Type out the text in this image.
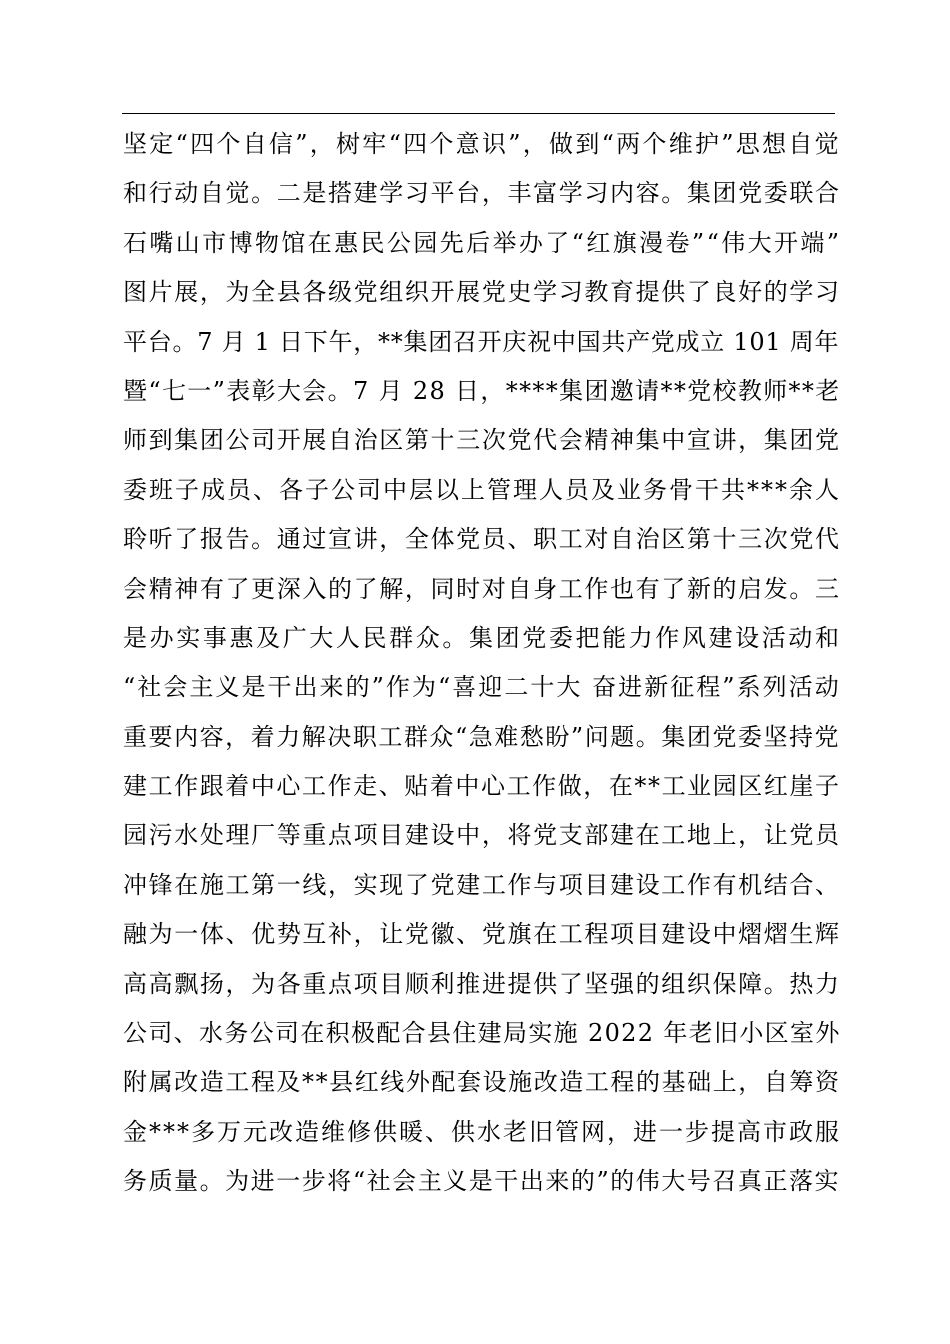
坚定“四个自信”，树牢“四个意识”，做到“两个维护”思想自觉
和行动自觉。二是搭建学习平台，丰富学习内容。集团党委联合
石嘴山市博物馆在惠民公园先后举办了“红旗漫卷”“伟大开端”
图片展，为全县各级党组织开展党史学习教育提供了良好的学习
平台。7 月 1 日下午，**集团召开庆祝中国共产党成立 101 周年
暨“七一”表彰大会。7 月 28 日，****集团邀请**党校教师**老
师到集团公司开展自治区第十三次党代会精神集中宣讲，集团党
委班子成员、各子公司中层以上管理人员及业务骨干共***余人
聆听了报告。通过宣讲，全体党员、职工对自治区第十三次党代
会精神有了更深入的了解，同时对自身工作也有了新的启发。三
是办实事惠及广大人民群众。集团党委把能力作风建设活动和
“社会主义是干出来的”作为“喜迎二十大 奋进新征程”系列活动
重要内容，着力解决职工群众“急难愁盼”问题。集团党委坚持党
建工作跟着中心工作走、贴着中心工作做，在**工业园区红崖子
园污水处理厂等重点项目建设中，将党支部建在工地上，让党员
冲锋在施工第一线，实现了党建工作与项目建设工作有机结合、
融为一体、优势互补，让党徽、党旗在工程项目建设中熠熠生辉
高高飘扬，为各重点项目顺利推进提供了坚强的组织保障。热力
公司、水务公司在积极配合县住建局实施 2022 年老旧小区室外
附属改造工程及**县红线外配套设施改造工程的基础上，自筹资
金***多万元改造维修供暖、供水老旧管网，进一步提高市政服
务质量。为进一步将“社会主义是干出来的”的伟大号召真正落实
